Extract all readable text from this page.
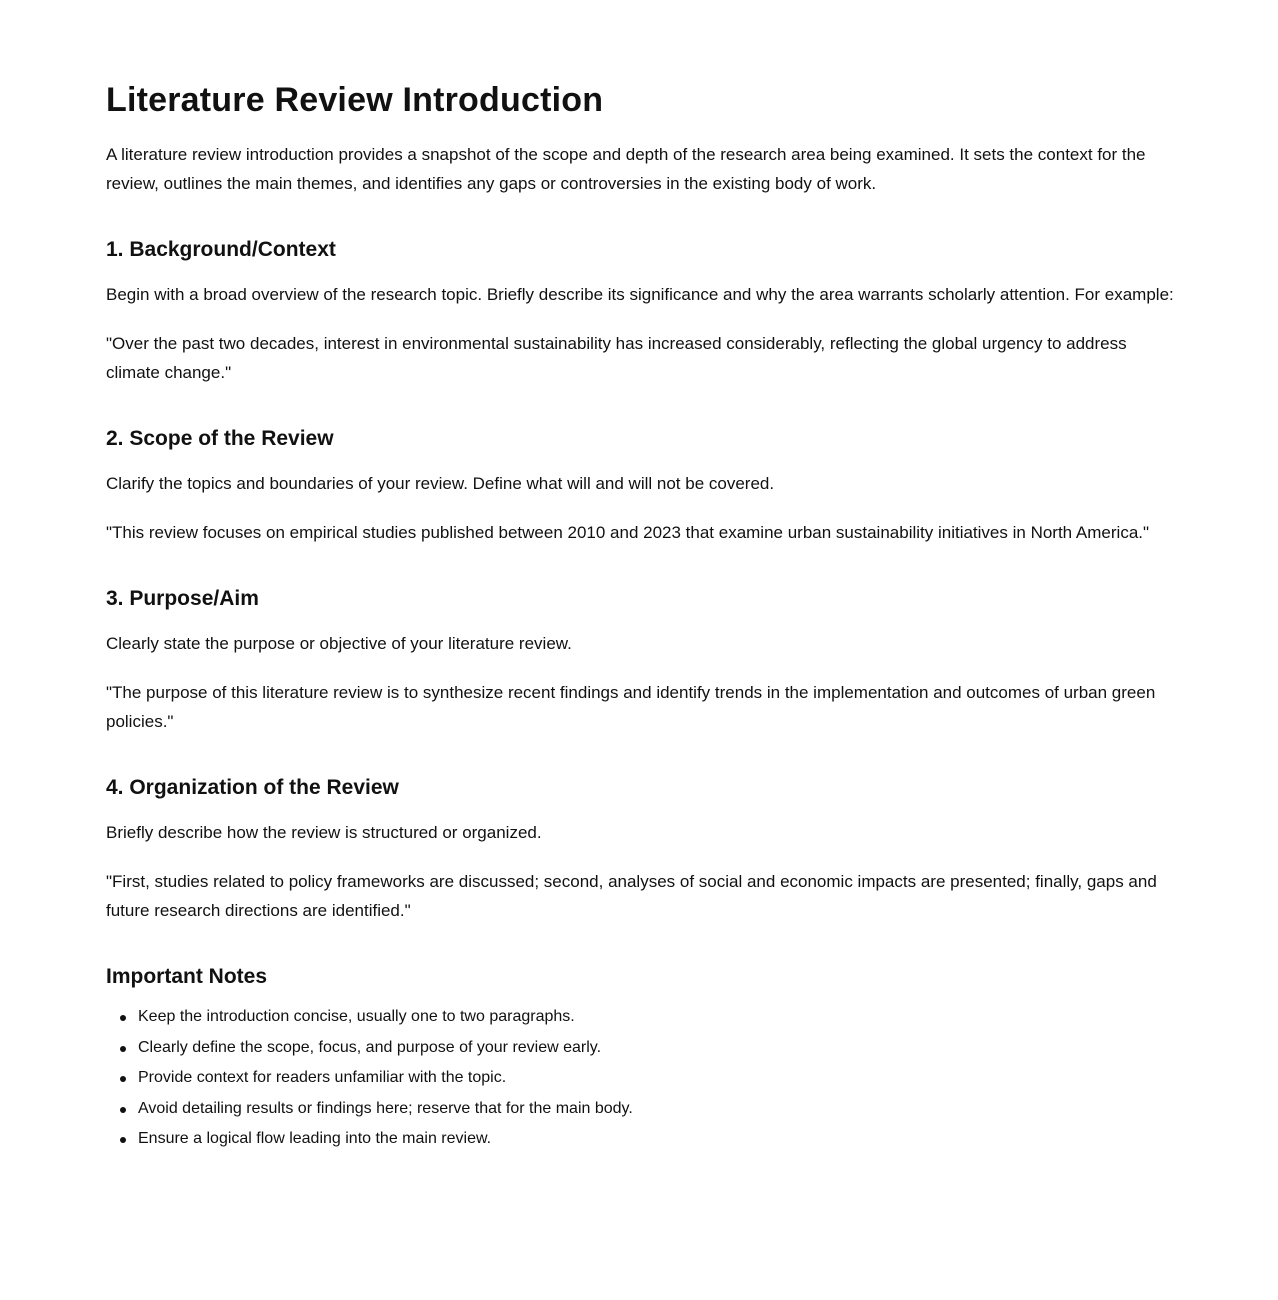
Literature Review Introduction

A literature review introduction provides a snapshot of the scope and depth of the research area being examined. It sets the context for the review, outlines the main themes, and identifies any gaps or controversies in the existing body of work.

1. Background/Context

Begin with a broad overview of the research topic. Briefly describe its significance and why the area warrants scholarly attention. For example:

"Over the past two decades, interest in environmental sustainability has increased considerably, reflecting the global urgency to address climate change."

2. Scope of the Review

Clarify the topics and boundaries of your review. Define what will and will not be covered.

"This review focuses on empirical studies published between 2010 and 2023 that examine urban sustainability initiatives in North America."

3. Purpose/Aim

Clearly state the purpose or objective of your literature review.

"The purpose of this literature review is to synthesize recent findings and identify trends in the implementation and outcomes of urban green policies."

4. Organization of the Review

Briefly describe how the review is structured or organized.

"First, studies related to policy frameworks are discussed; second, analyses of social and economic impacts are presented; finally, gaps and future research directions are identified."

Important Notes
Keep the introduction concise, usually one to two paragraphs.
Clearly define the scope, focus, and purpose of your review early.
Provide context for readers unfamiliar with the topic.
Avoid detailing results or findings here; reserve that for the main body.
Ensure a logical flow leading into the main review.
